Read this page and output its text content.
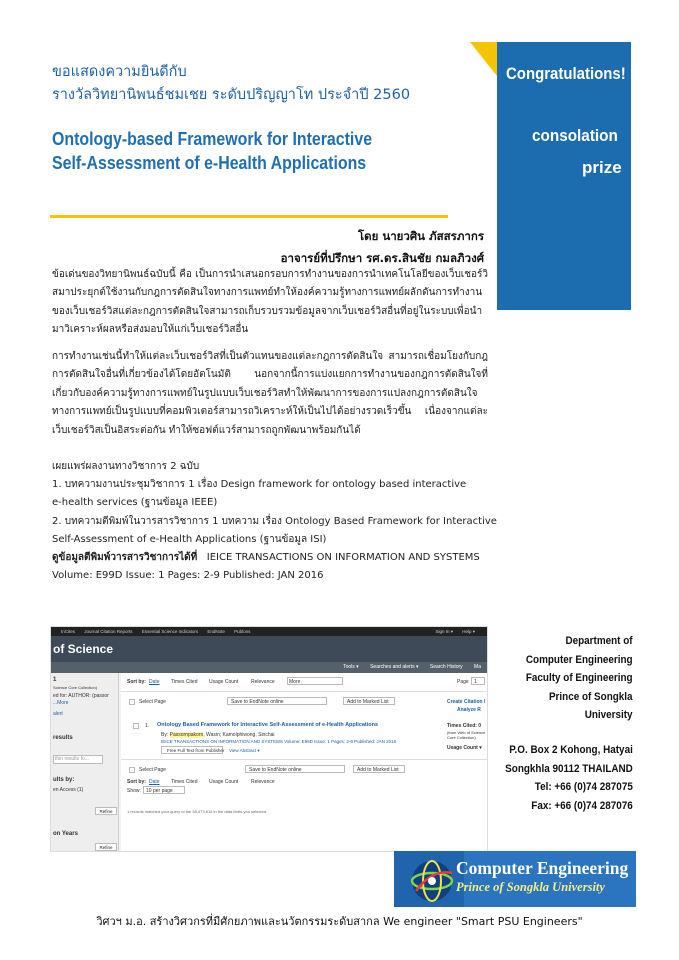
ขอแสดงความยินดีกับ
รางวัลวิทยานิพนธ์ชมเชย ระดับปริญญาโท ประจำปี 2560
Ontology-based Framework for Interactive
Self-Assessment of e-Health Applications
Congratulations!
consolation
prize
โดย นายวศิน ภัสสรภากร
อาจารย์ที่ปรึกษา รศ.ดร.สินชัย กมลภิวงศ์

ข้อเด่นของวิทยานิพนธ์ฉบับนี้ คือ เป็นการนำเสนอกรอบการทำงานของการนำเทคโนโลยีของเว็บเชอร์วิสมาประยุกต์ใช้งานกับกฎการตัดสินใจทางการแพทย์ทำให้องค์ความรู้ทางการแพทย์ผลักดันการทำงานของเว็บเชอร์วิสแต่ละกฎการตัดสินใจสามารถเก็บรวบรวมข้อมูลจากเว็บเชอร์วิสอื่นที่อยู่ในระบบเพื่อนำมาวิเคราะห์ผลหรือส่งมอบให้แก่เว็บเชอร์วิสอื่น

การทำงานเช่นนี้ทำให้แต่ละเว็บเชอร์วิสที่เป็นตัวแทนของแต่ละกฎการตัดสินใจ สามารถเชื่อมโยงกับกฎการตัดสินใจอื่นที่เกี่ยวข้องได้โดยอัตโนมัติ นอกจากนี้การแบ่งแยกการทำงานของกฎการตัดสินใจที่เกี่ยวกับองค์ความรู้ทางการแพทย์ในรูปแบบเว็บเชอร์วิสทำให้พัฒนาการของการแปลงกฎการตัดสินใจทางการแพทย์เป็นรูปแบบที่คอมพิวเตอร์สามารถวิเคราะห์ให้เป็นไปได้อย่างรวดเร็วขึ้น เนื่องจากแต่ละเว็บเชอร์วิสเป็นอิสระต่อกัน ทำให้ซอฟต์แวร์สามารถถูกพัฒนาพร้อมกันได้

เผยแพร่ผลงานทางวิชาการ 2 ฉบับ
1. บทความงานประชุมวิชาการ 1 เรื่อง Design framework for ontology based interactive
e-health services (ฐานข้อมูล IEEE)
2. บทความตีพิมพ์ในวารสารวิชาการ 1 บทความ เรื่อง Ontology Based Framework for Interactive
Self-Assessment of e-Health Applications (ฐานข้อมูล ISI)
ดูข้อมูลตีพิมพ์วารสารวิชาการได้ที่ IEICE TRANSACTIONS ON INFORMATION AND SYSTEMS
Volume: E99D Issue: 1 Pages: 2-9 Published: JAN 2016
InCites Journal Citation Reports Essential Science Indicators EndNote Publons	Sign In ▾ Help ▾
of Science
Tools ▾ Searches and alerts ▾ Search History Ma
1
Science Core Collection)
ed for: AUTHOR: (passor
...More
alert
results
thin results fo...
ults by:
en Access (1)
Refine
on Years
Refine
Sort by: Date Times Cited Usage Count	Relevance	More	Page 1
Select Page	Save to EndNote online	Add to Marked List	Create Citation I
Analyze R
1. Ontology Based Framework for Interactive Self-Assessment of e-Health Applications
By: Passornpakorn, Wasin; Kamolphiwong, Sinchai
IEICE TRANSACTIONS ON INFORMATION AND SYSTEMS Volume: E99D Issue: 1 Pages: 2-9 Published: JAN 2016
Free Full Text from Publisher View Abstract ▾
Times Cited: 0
(from Web of Science Core Collection)
Usage Count ▾
Select Page	Save to EndNote online	Add to Marked List
Sort by: Date Times Cited Usage Count	Relevance
Show: 10 per page
1 records matched your query of the 35,473,614 in the data limits you selected.
Department of
Computer Engineering
Faculty of Engineering
Prince of Songkla
University
P.O. Box 2 Kohong, Hatyai
Songkhla 90112 THAILAND
Tel: +66 (0)74 287075
Fax: +66 (0)74 287076
Computer Engineering
Prince of Songkla University
วิศวฯ ม.อ. สร้างวิศวกรที่มีศักยภาพและนวัตกรรมระดับสากล We engineer "Smart PSU Engineers"
